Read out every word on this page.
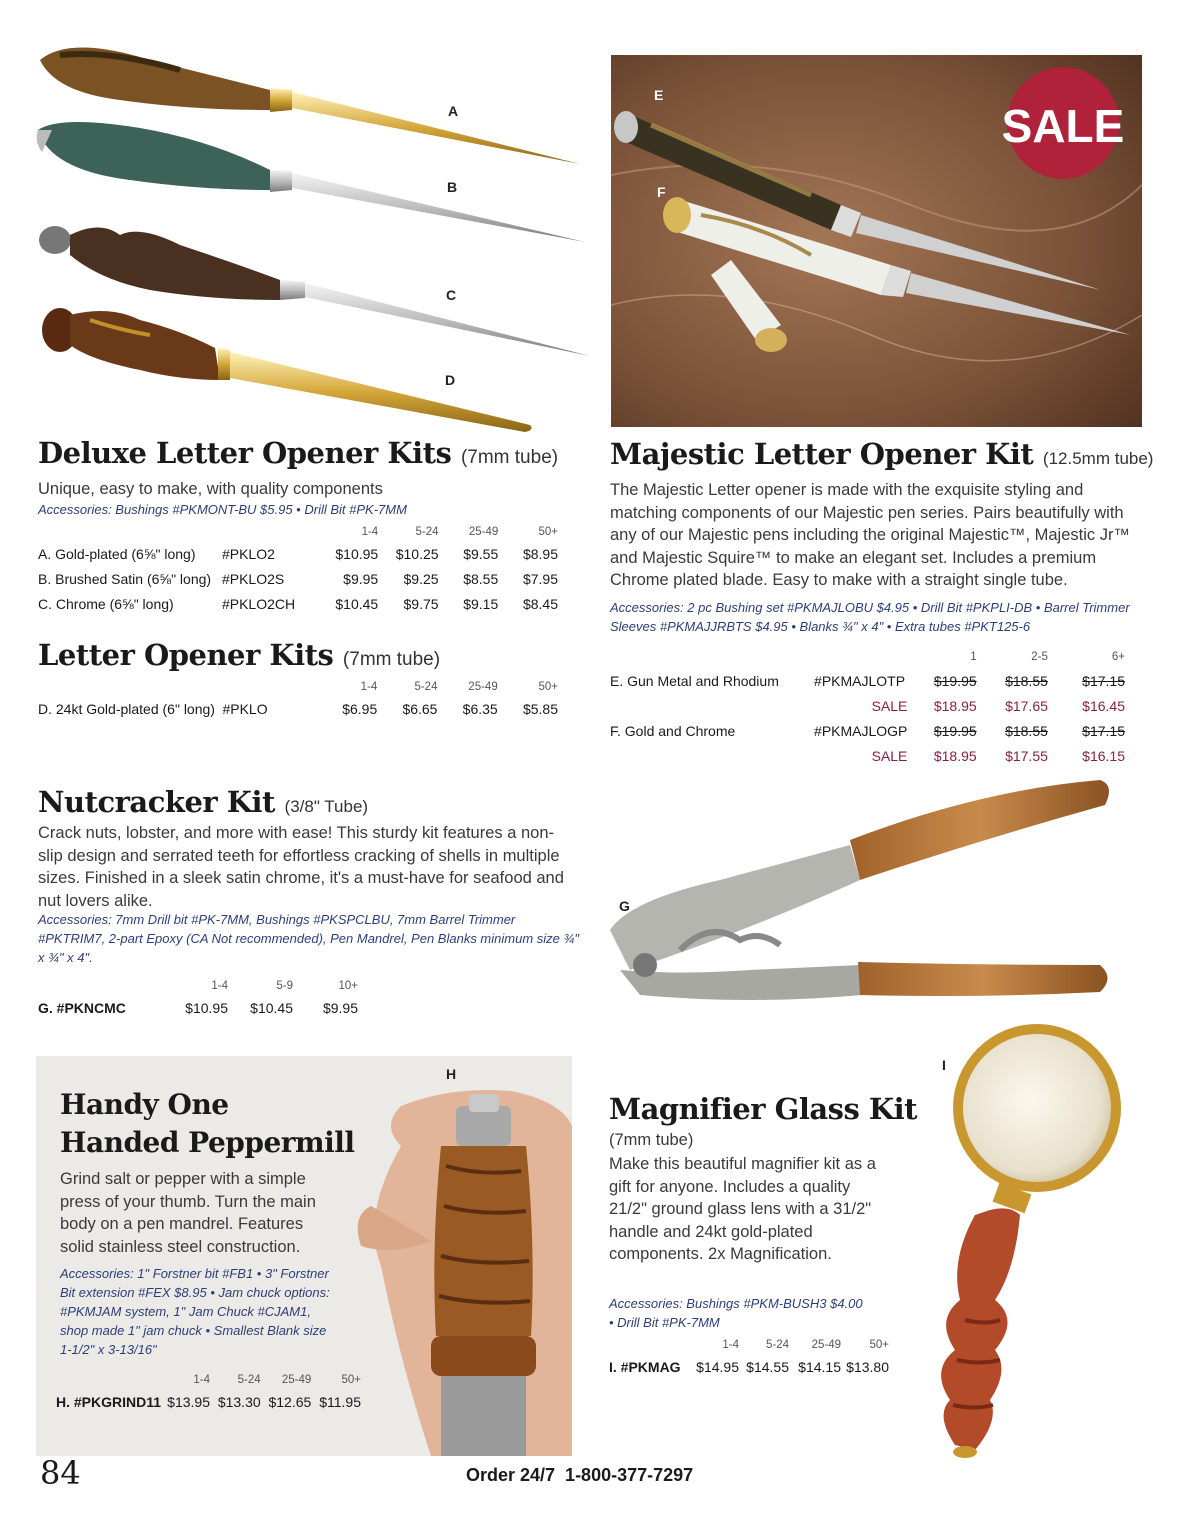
A
B
C
D
SALE
E
F
Deluxe Letter Opener Kits (7mm tube)
Unique, easy to make, with quality components
Accessories: Bushings #PKMONT-BU $5.95 • Drill Bit #PK-7MM
		1-4	5-24	25-49	50+
A. Gold-plated (6⅝" long)	#PKLO2	$10.95	$10.25	$9.55	$8.95
B. Brushed Satin (6⅝" long)	#PKLO2S	$9.95	$9.25	$8.55	$7.95
C. Chrome (6⅝" long)	#PKLO2CH	$10.45	$9.75	$9.15	$8.45
Letter Opener Kits (7mm tube)
		1-4	5-24	25-49	50+
D. 24kt Gold-plated (6" long)	#PKLO	$6.95	$6.65	$6.35	$5.85
Majestic Letter Opener Kit (12.5mm tube)
The Majestic Letter opener is made with the exquisite styling and matching components of our Majestic pen series. Pairs beautifully with any of our Majestic pens including the original Majestic™, Majestic Jr™ and Majestic Squire™ to make an elegant set. Includes a premium Chrome plated blade. Easy to make with a straight single tube.
Accessories: 2 pc Bushing set #PKMAJLOBU $4.95 • Drill Bit #PKPLI-DB • Barrel Trimmer Sleeves #PKMAJJRBTS $4.95 • Blanks ¾" x 4" • Extra tubes #PKT125-6
		1	2-5	6+
E. Gun Metal and Rhodium	#PKMAJLOTP	$19.95	$18.55	$17.15
	SALE	$18.95	$17.65	$16.45
F. Gold and Chrome	#PKMAJLOGP	$19.95	$18.55	$17.15
	SALE	$18.95	$17.55	$16.15
Nutcracker Kit (3/8" Tube)
Crack nuts, lobster, and more with ease! This sturdy kit features a non-slip design and serrated teeth for effortless cracking of shells in multiple sizes. Finished in a sleek satin chrome, it's a must-have for seafood and nut lovers alike.
Accessories: 7mm Drill bit #PK-7MM, Bushings #PKSPCLBU, 7mm Barrel Trimmer #PKTRIM7, 2-part Epoxy (CA Not recommended), Pen Mandrel, Pen Blanks minimum size ¾" x ¾" x 4".
	1-4	5-9	10+
G. #PKNCMC	$10.95	$10.45	$9.95
G
Handy One
Handed Peppermill
Grind salt or pepper with a simple press of your thumb. Turn the main body on a pen mandrel. Features solid stainless steel construction.
Accessories: 1" Forstner bit #FB1 • 3" Forstner Bit extension #FEX $8.95 • Jam chuck options: #PKMJAM system, 1" Jam Chuck #CJAM1, shop made 1" jam chuck • Smallest Blank size 1-1/2" x 3-13/16"
	1-4	5-24	25-49	50+
H. #PKGRIND11	$13.95	$13.30	$12.65	$11.95
H
Magnifier Glass Kit
(7mm tube)
Make this beautiful magnifier kit as a gift for anyone. Includes a quality 21/2" ground glass lens with a 31/2" handle and 24kt gold-plated components. 2x Magnification.
Accessories: Bushings #PKM-BUSH3 $4.00 • Drill Bit #PK-7MM
	1-4	5-24	25-49	50+
I. #PKMAG	$14.95	$14.55	$14.15	$13.80
I
84	Order 24/7  1-800-377-7297
